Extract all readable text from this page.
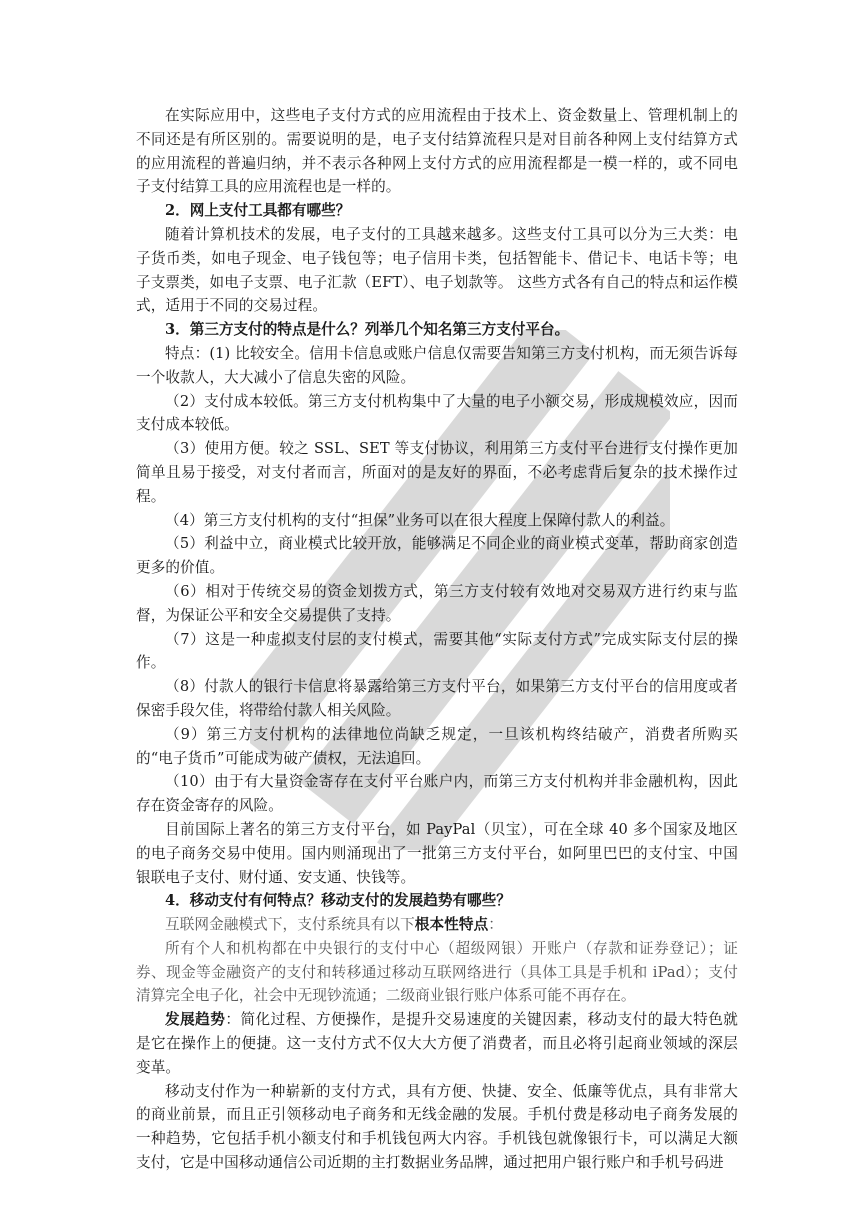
在实际应用中，这些电子支付方式的应用流程由于技术上、资金数量上、管理机制上的不同还是有所区别的。需要说明的是，电子支付结算流程只是对目前各种网上支付结算方式的应用流程的普遍归纳，并不表示各种网上支付方式的应用流程都是一模一样的，或不同电子支付结算工具的应用流程也是一样的。

2．网上支付工具都有哪些？

随着计算机技术的发展，电子支付的工具越来越多。这些支付工具可以分为三大类：电子货币类，如电子现金、电子钱包等；电子信用卡类，包括智能卡、借记卡、电话卡等；电子支票类，如电子支票、电子汇款（EFT）、电子划款等。 这些方式各有自己的特点和运作模式，适用于不同的交易过程。

3．第三方支付的特点是什么？列举几个知名第三方支付平台。

特点：(1) 比较安全。信用卡信息或账户信息仅需要告知第三方支付机构，而无须告诉每一个收款人，大大减小了信息失密的风险。

（2）支付成本较低。第三方支付机构集中了大量的电子小额交易，形成规模效应，因而支付成本较低。

（3）使用方便。较之 SSL、SET 等支付协议，利用第三方支付平台进行支付操作更加简单且易于接受，对支付者而言，所面对的是友好的界面，不必考虑背后复杂的技术操作过程。

（4）第三方支付机构的支付“担保”业务可以在很大程度上保障付款人的利益。

（5）利益中立，商业模式比较开放，能够满足不同企业的商业模式变革，帮助商家创造更多的价值。

（6）相对于传统交易的资金划拨方式，第三方支付较有效地对交易双方进行约束与监督，为保证公平和安全交易提供了支持。

（7）这是一种虚拟支付层的支付模式，需要其他“实际支付方式”完成实际支付层的操作。

（8）付款人的银行卡信息将暴露给第三方支付平台，如果第三方支付平台的信用度或者保密手段欠佳，将带给付款人相关风险。

（9）第三方支付机构的法律地位尚缺乏规定，一旦该机构终结破产，消费者所购买的“电子货币”可能成为破产债权，无法追回。

（10）由于有大量资金寄存在支付平台账户内，而第三方支付机构并非金融机构，因此存在资金寄存的风险。

目前国际上著名的第三方支付平台，如 PayPal（贝宝），可在全球 40 多个国家及地区的电子商务交易中使用。国内则涌现出了一批第三方支付平台，如阿里巴巴的支付宝、中国银联电子支付、财付通、安支通、快钱等。

4．移动支付有何特点？移动支付的发展趋势有哪些？

互联网金融模式下，支付系统具有以下根本性特点：

所有个人和机构都在中央银行的支付中心（超级网银）开账户（存款和证券登记）；证券、现金等金融资产的支付和转移通过移动互联网络进行（具体工具是手机和 iPad）；支付清算完全电子化，社会中无现钞流通；二级商业银行账户体系可能不再存在。

发展趋势：简化过程、方便操作，是提升交易速度的关键因素，移动支付的最大特色就是它在操作上的便捷。这一支付方式不仅大大方便了消费者，而且必将引起商业领域的深层变革。

移动支付作为一种崭新的支付方式，具有方便、快捷、安全、低廉等优点，具有非常大的商业前景，而且正引领移动电子商务和无线金融的发展。手机付费是移动电子商务发展的一种趋势，它包括手机小额支付和手机钱包两大内容。手机钱包就像银行卡，可以满足大额支付，它是中国移动通信公司近期的主打数据业务品牌，通过把用户银行账户和手机号码进
